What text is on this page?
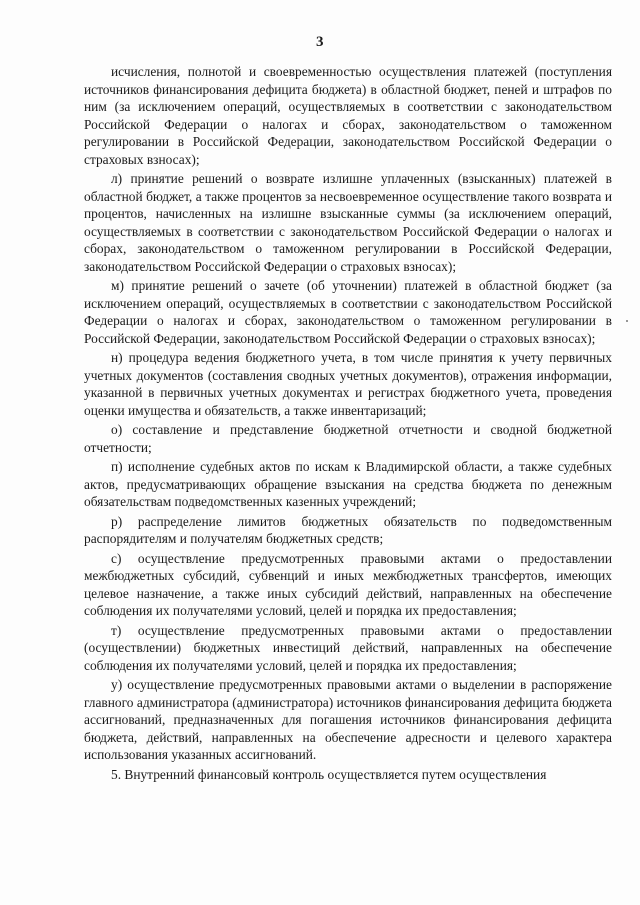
3

исчисления, полнотой и своевременностью осуществления платежей (поступления источников финансирования дефицита бюджета) в областной бюджет, пеней и штрафов по ним (за исключением операций, осуществляемых в соответствии с законодательством Российской Федерации о налогах и сборах, законодательством о таможенном регулировании в Российской Федерации, законодательством Российской Федерации о страховых взносах);

л) принятие решений о возврате излишне уплаченных (взысканных) платежей в областной бюджет, а также процентов за несвоевременное осуществление такого возврата и процентов, начисленных на излишне взысканные суммы (за исключением операций, осуществляемых в соответствии с законодательством Российской Федерации о налогах и сборах, законодательством о таможенном регулировании в Российской Федерации, законодательством Российской Федерации о страховых взносах);

м) принятие решений о зачете (об уточнении) платежей в областной бюджет (за исключением операций, осуществляемых в соответствии с законодательством Российской Федерации о налогах и сборах, законодательством о таможенном регулировании в Российской Федерации, законодательством Российской Федерации о страховых взносах);

н) процедура ведения бюджетного учета, в том числе принятия к учету первичных учетных документов (составления сводных учетных документов), отражения информации, указанной в первичных учетных документах и регистрах бюджетного учета, проведения оценки имущества и обязательств, а также инвентаризаций;

о) составление и представление бюджетной отчетности и сводной бюджетной отчетности;

п) исполнение судебных актов по искам к Владимирской области, а также судебных актов, предусматривающих обращение взыскания на средства бюджета по денежным обязательствам подведомственных казенных учреждений;

р) распределение лимитов бюджетных обязательств по подведомственным распорядителям и получателям бюджетных средств;

с) осуществление предусмотренных правовыми актами о предоставлении межбюджетных субсидий, субвенций и иных межбюджетных трансфертов, имеющих целевое назначение, а также иных субсидий действий, направленных на обеспечение соблюдения их получателями условий, целей и порядка их предоставления;

т) осуществление предусмотренных правовыми актами о предоставлении (осуществлении) бюджетных инвестиций действий, направленных на обеспечение соблюдения их получателями условий, целей и порядка их предоставления;

у) осуществление предусмотренных правовыми актами о выделении в распоряжение главного администратора (администратора) источников финансирования дефицита бюджета ассигнований, предназначенных для погашения источников финансирования дефицита бюджета, действий, направленных на обеспечение адресности и целевого характера использования указанных ассигнований.

5. Внутренний финансовый контроль осуществляется путем осуществления
